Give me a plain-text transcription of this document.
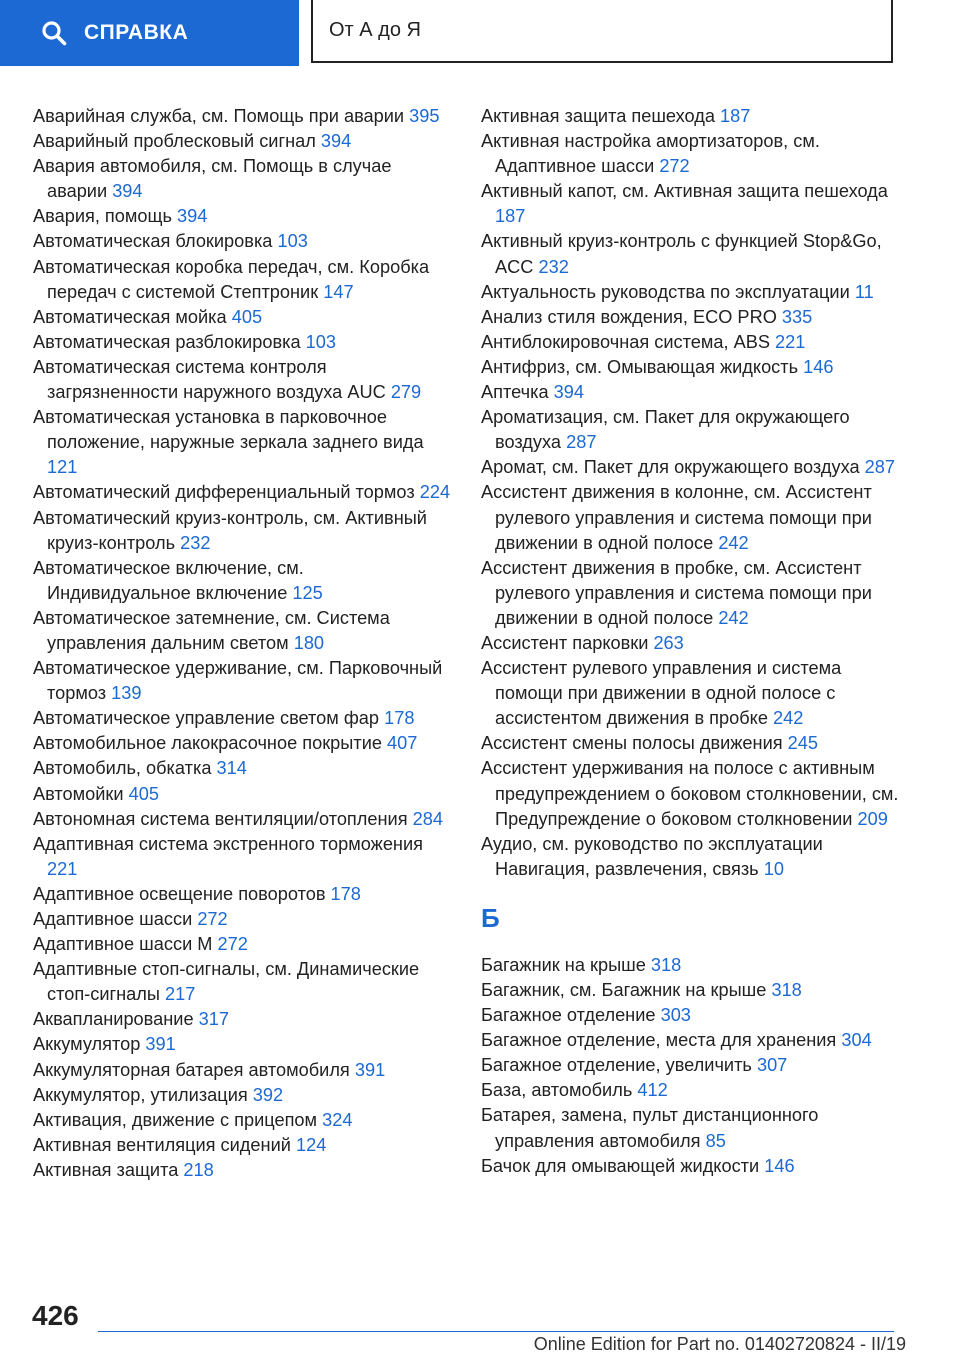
СПРАВКА	От А до Я
Аварийная служба, см. Помощь при аварии 395
Аварийный проблесковый сигнал 394
Авария автомобиля, см. Помощь в случае аварии 394
Авария, помощь 394
Автоматическая блокировка 103
Автоматическая коробка передач, см. Коробка передач с системой Стептроник 147
Автоматическая мойка 405
Автоматическая разблокировка 103
Автоматическая система контроля загрязненности наружного воздуха AUC 279
Автоматическая установка в парковочное положение, наружные зеркала заднего вида 121
Автоматический дифференциальный тормоз 224
Автоматический круиз-контроль, см. Активный круиз-контроль 232
Автоматическое включение, см. Индивидуальное включение 125
Автоматическое затемнение, см. Система управления дальним светом 180
Автоматическое удерживание, см. Парковочный тормоз 139
Автоматическое управление светом фар 178
Автомобильное лакокрасочное покрытие 407
Автомобиль, обкатка 314
Автомойки 405
Автономная система вентиляции/отопления 284
Адаптивная система экстренного торможения 221
Адаптивное освещение поворотов 178
Адаптивное шасси 272
Адаптивное шасси M 272
Адаптивные стоп-сигналы, см. Динамические стоп-сигналы 217
Аквапланирование 317
Аккумулятор 391
Аккумуляторная батарея автомобиля 391
Аккумулятор, утилизация 392
Активация, движение с прицепом 324
Активная вентиляция сидений 124
Активная защита 218
Активная защита пешехода 187
Активная настройка амортизаторов, см. Адаптивное шасси 272
Активный капот, см. Активная защита пешехода 187
Активный круиз-контроль с функцией Stop&Go, ACC 232
Актуальность руководства по эксплуатации 11
Анализ стиля вождения, ECO PRO 335
Антиблокировочная система, ABS 221
Антифриз, см. Омывающая жидкость 146
Аптечка 394
Ароматизация, см. Пакет для окружающего воздуха 287
Аромат, см. Пакет для окружающего воздуха 287
Ассистент движения в колонне, см. Ассистент рулевого управления и система помощи при движении в одной полосе 242
Ассистент движения в пробке, см. Ассистент рулевого управления и система помощи при движении в одной полосе 242
Ассистент парковки 263
Ассистент рулевого управления и система помощи при движении в одной полосе с ассистентом движения в пробке 242
Ассистент смены полосы движения 245
Ассистент удерживания на полосе с активным предупреждением о боковом столкновении, см. Предупреждение о боковом столкновении 209
Аудио, см. руководство по эксплуатации Навигация, развлечения, связь 10
Б
Багажник на крыше 318
Багажник, см. Багажник на крыше 318
Багажное отделение 303
Багажное отделение, места для хранения 304
Багажное отделение, увеличить 307
База, автомобиль 412
Батарея, замена, пульт дистанционного управления автомобиля 85
Бачок для омывающей жидкости 146
426
Online Edition for Part no. 01402720824 - II/19
